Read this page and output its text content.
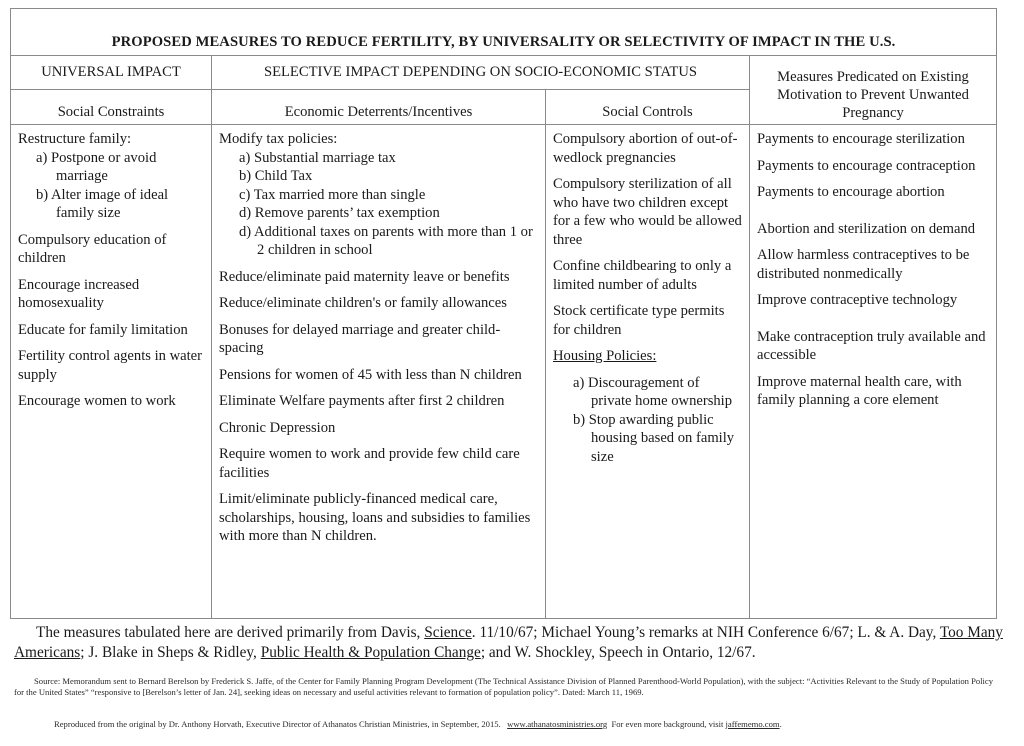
PROPOSED MEASURES TO REDUCE FERTILITY, BY UNIVERSALITY OR SELECTIVITY OF IMPACT IN THE U.S.			
UNIVERSAL IMPACT	SELECTIVE IMPACT DEPENDING ON SOCIO-ECONOMIC STATUS		Measures Predicated on Existing Motivation to Prevent Unwanted Pregnancy
Social Constraints	Economic Deterrents/Incentives	Social Controls	

Restructure family:
a) Postpone or avoid marriage
b) Alter image of ideal family size
Compulsory education of children
Encourage increased homosexuality
Educate for family limitation
Fertility control agents in water supply
Encourage women to work

Modify tax policies:
a) Substantial marriage tax
b) Child Tax
c) Tax married more than single
d) Remove parents’ tax exemption
d) Additional taxes on parents with more than 1 or 2 children in school
Reduce/eliminate paid maternity leave or benefits
Reduce/eliminate children's or family allowances
Bonuses for delayed marriage and greater child-spacing
Pensions for women of 45 with less than N children
Eliminate Welfare payments after first 2 children
Chronic Depression
Require women to work and provide few child care facilities
Limit/eliminate publicly-financed medical care, scholarships, housing, loans and subsidies to families with more than N children.

Compulsory abortion of out-of-wedlock pregnancies
Compulsory sterilization of all who have two children except for a few who would be allowed three
Confine childbearing to only a limited number of adults
Stock certificate type permits for children
Housing Policies:
a) Discouragement of private home ownership
b) Stop awarding public housing based on family size

Payments to encourage sterilization
Payments to encourage contraception
Payments to encourage abortion
Abortion and sterilization on demand
Allow harmless contraceptives to be distributed nonmedically
Improve contraceptive technology
Make contraception truly available and accessible
Improve maternal health care, with family planning a core element
The measures tabulated here are derived primarily from Davis, Science. 11/10/67; Michael Young’s remarks at NIH Conference 6/67; L. & A. Day, Too Many Americans; J. Blake in Sheps & Ridley, Public Health & Population Change; and W. Shockley, Speech in Ontario, 12/67.
Source: Memorandum sent to Bernard Berelson by Frederick S. Jaffe, of the Center for Family Planning Program Development (The Technical Assistance Division of Planned Parenthood-World Population), with the subject: “Activities Relevant to the Study of Population Policy for the United States” “responsive to [Berelson’s letter of Jan. 24], seeking ideas on necessary and useful activities relevant to formation of population policy”. Dated: March 11, 1969.
Reproduced from the original by Dr. Anthony Horvath, Executive Director of Athanatos Christian Ministries, in September, 2015. www.athanatosministries.org For even more background, visit jaffememo.com.
